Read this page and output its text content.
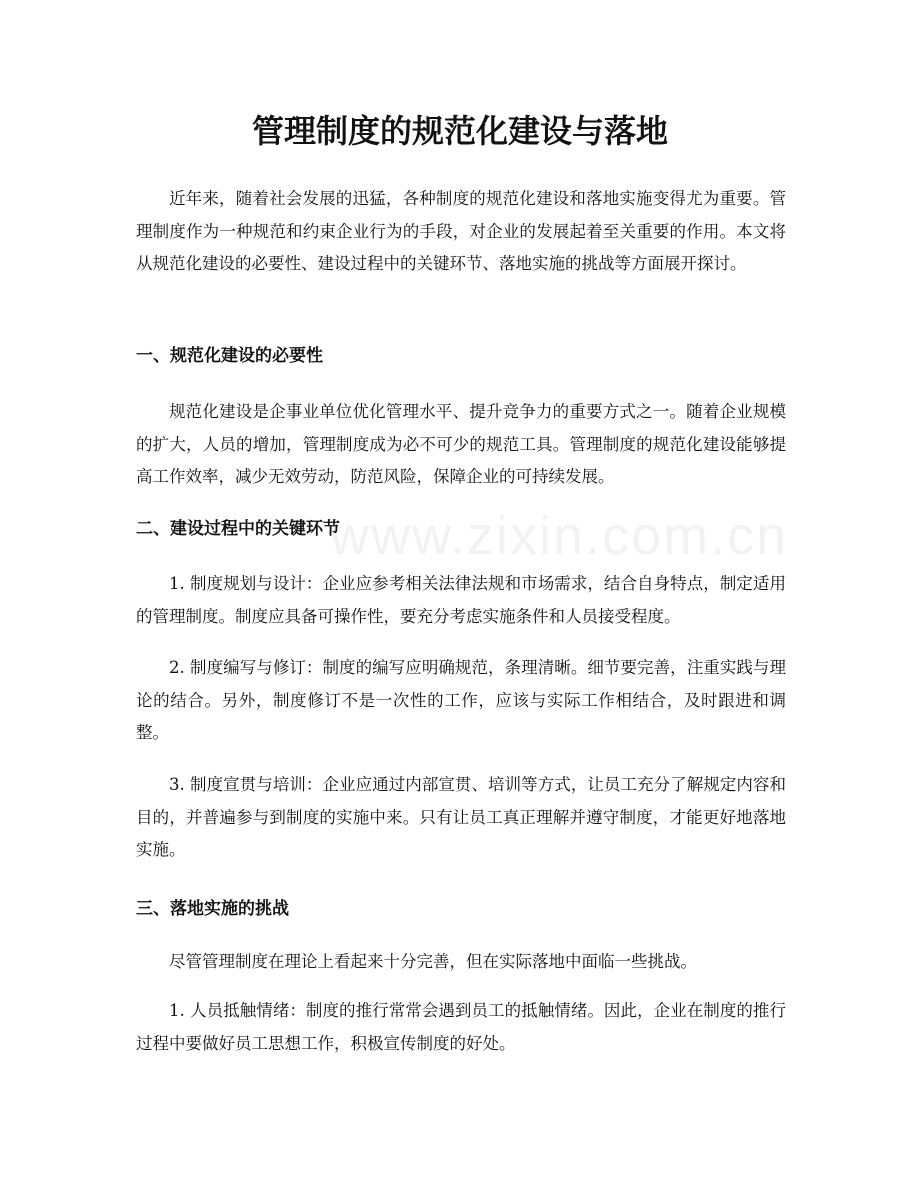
www.zixin.com.cn
管理制度的规范化建设与落地

近年来，随着社会发展的迅猛，各种制度的规范化建设和落地实施变得尤为重要。管理制度作为一种规范和约束企业行为的手段，对企业的发展起着至关重要的作用。本文将从规范化建设的必要性、建设过程中的关键环节、落地实施的挑战等方面展开探讨。

一、规范化建设的必要性

规范化建设是企事业单位优化管理水平、提升竞争力的重要方式之一。随着企业规模的扩大，人员的增加，管理制度成为必不可少的规范工具。管理制度的规范化建设能够提高工作效率，减少无效劳动，防范风险，保障企业的可持续发展。

二、建设过程中的关键环节

1. 制度规划与设计：企业应参考相关法律法规和市场需求，结合自身特点，制定适用的管理制度。制度应具备可操作性，要充分考虑实施条件和人员接受程度。

2. 制度编写与修订：制度的编写应明确规范，条理清晰。细节要完善，注重实践与理论的结合。另外，制度修订不是一次性的工作，应该与实际工作相结合，及时跟进和调整。

3. 制度宣贯与培训：企业应通过内部宣贯、培训等方式，让员工充分了解规定内容和目的，并普遍参与到制度的实施中来。只有让员工真正理解并遵守制度，才能更好地落地实施。

三、落地实施的挑战

尽管管理制度在理论上看起来十分完善，但在实际落地中面临一些挑战。

1. 人员抵触情绪：制度的推行常常会遇到员工的抵触情绪。因此，企业在制度的推行过程中要做好员工思想工作，积极宣传制度的好处。
